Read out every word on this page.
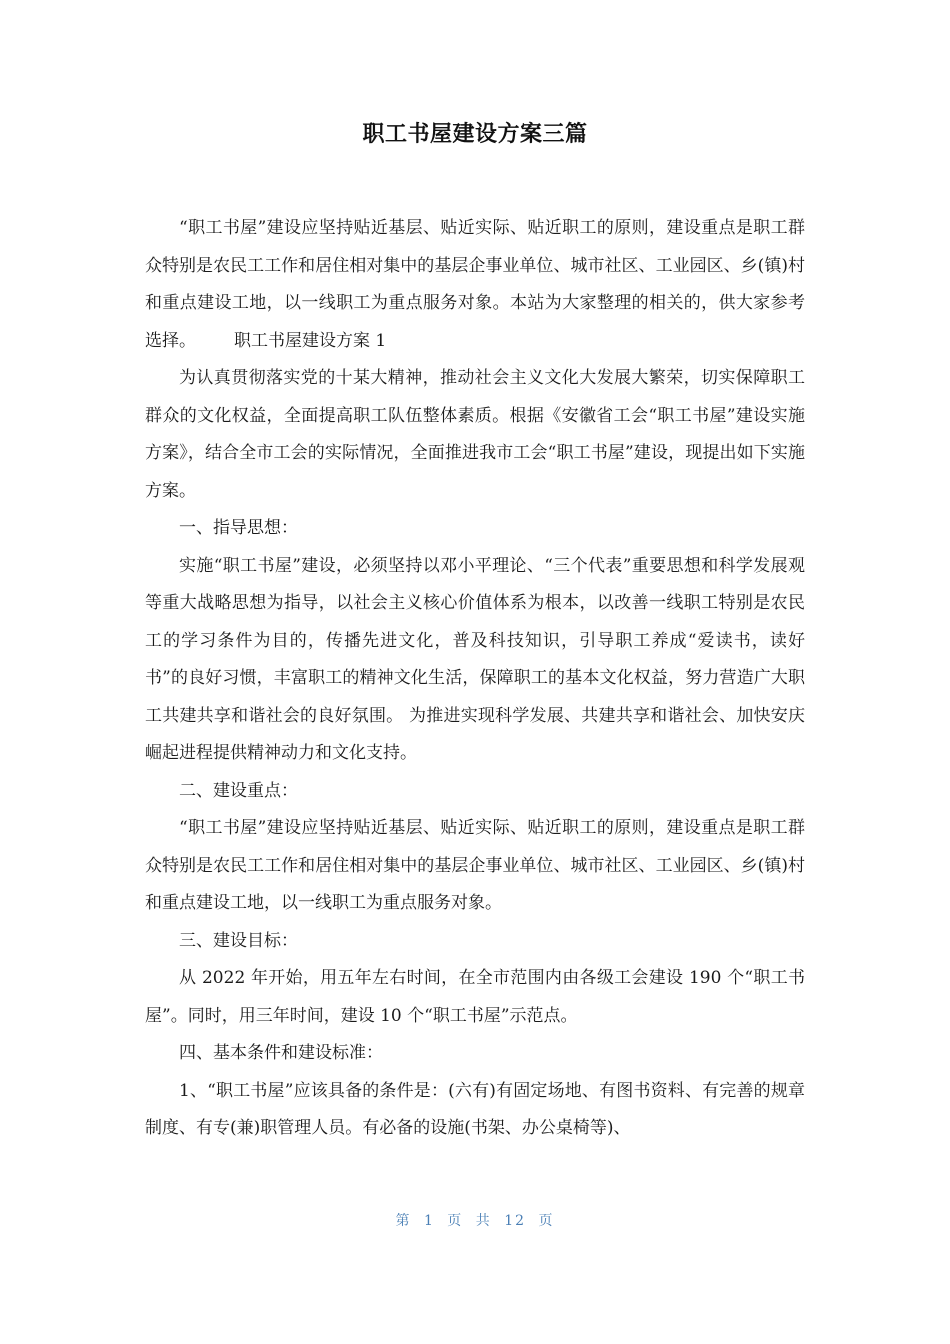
职工书屋建设方案三篇

“职工书屋”建设应坚持贴近基层、贴近实际、贴近职工的原则，建设重点是职工群众特别是农民工工作和居住相对集中的基层企事业单位、城市社区、工业园区、乡(镇)村和重点建设工地，以一线职工为重点服务对象。本站为大家整理的相关的，供大家参考选择。 职工书屋建设方案 1

为认真贯彻落实党的十某大精神，推动社会主义文化大发展大繁荣，切实保障职工群众的文化权益，全面提高职工队伍整体素质。根据《安徽省工会“职工书屋”建设实施方案》，结合全市工会的实际情况，全面推进我市工会“职工书屋”建设，现提出如下实施方案。

一、指导思想：

实施“职工书屋”建设，必须坚持以邓小平理论、“三个代表”重要思想和科学发展观等重大战略思想为指导，以社会主义核心价值体系为根本，以改善一线职工特别是农民工的学习条件为目的，传播先进文化，普及科技知识，引导职工养成“爱读书，读好书”的良好习惯，丰富职工的精神文化生活，保障职工的基本文化权益，努力营造广大职工共建共享和谐社会的良好氛围。 为推进实现科学发展、共建共享和谐社会、加快安庆崛起进程提供精神动力和文化支持。

二、建设重点：

“职工书屋”建设应坚持贴近基层、贴近实际、贴近职工的原则，建设重点是职工群众特别是农民工工作和居住相对集中的基层企事业单位、城市社区、工业园区、乡(镇)村和重点建设工地，以一线职工为重点服务对象。

三、建设目标：

从 2022 年开始，用五年左右时间，在全市范围内由各级工会建设 190 个“职工书屋”。同时，用三年时间，建设 10 个“职工书屋”示范点。

四、基本条件和建设标准：

1、“职工书屋”应该具备的条件是：(六有)有固定场地、有图书资料、有完善的规章制度、有专(兼)职管理人员。有必备的设施(书架、办公桌椅等)、

第 1 页 共 12 页
